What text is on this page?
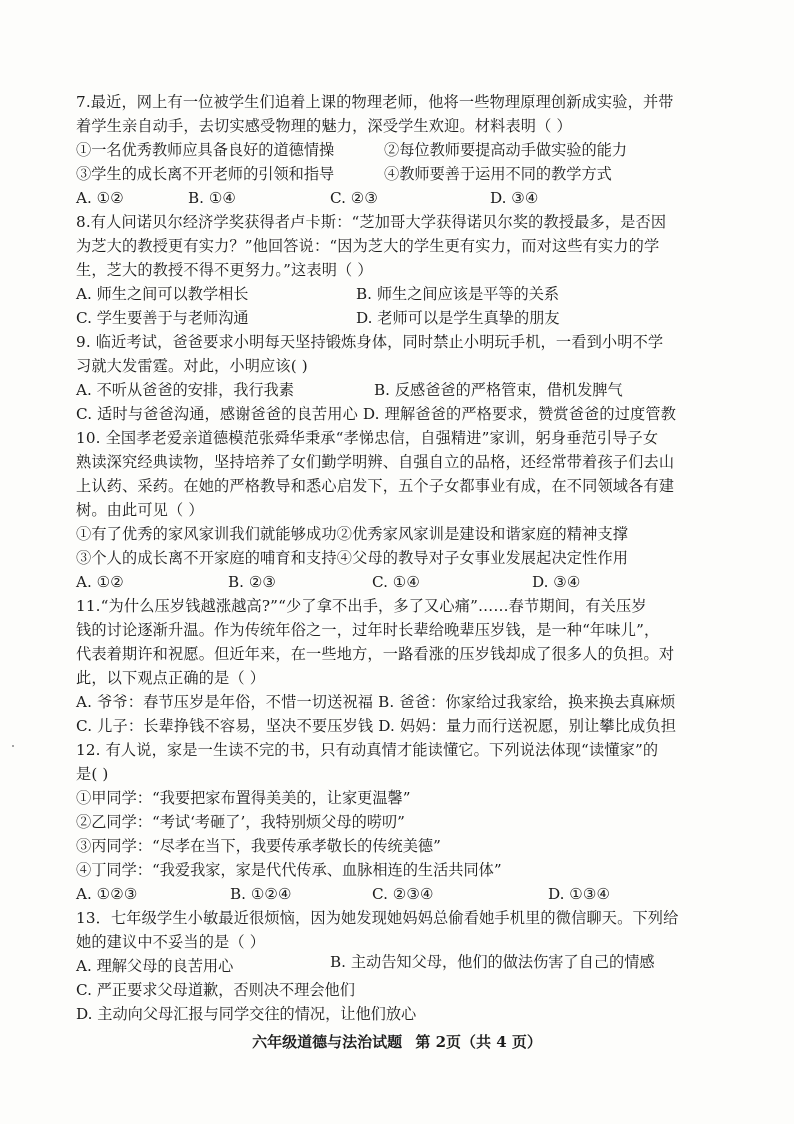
7.最近，网上有一位被学生们追着上课的物理老师，他将一些物理原理创新成实验，并带
着学生亲自动手，去切实感受物理的魅力，深受学生欢迎。材料表明（ ）
①一名优秀教师应具备良好的道德情操	②每位教师要提高动手做实验的能力
③学生的成长离不开老师的引领和指导	④教师要善于运用不同的教学方式
A. ①②	B. ①④	C. ②③	D. ③④
8.有人问诺贝尔经济学奖获得者卢卡斯：“芝加哥大学获得诺贝尔奖的教授最多，是否因
为芝大的教授更有实力？”他回答说：“因为芝大的学生更有实力，而对这些有实力的学
生，芝大的教授不得不更努力。”这表明（ ）
A. 师生之间可以教学相长	B. 师生之间应该是平等的关系
C. 学生要善于与老师沟通	D. 老师可以是学生真挚的朋友
9. 临近考试，爸爸要求小明每天坚持锻炼身体，同时禁止小明玩手机，一看到小明不学
习就大发雷霆。对此，小明应该( )
A. 不听从爸爸的安排，我行我素	B. 反感爸爸的严格管束，借机发脾气
C. 适时与爸爸沟通，感谢爸爸的良苦用心 D. 理解爸爸的严格要求，赞赏爸爸的过度管教
10. 全国孝老爱亲道德模范张舜华秉承“孝悌忠信，自强精进”家训，躬身垂范引导子女
熟读深究经典读物，坚持培养了女们勤学明辨、自强自立的品格，还经常带着孩子们去山
上认药、采药。在她的严格教导和悉心启发下，五个子女都事业有成，在不同领域各有建
树。由此可见（ ）
①有了优秀的家风家训我们就能够成功②优秀家风家训是建设和谐家庭的精神支撑
③个人的成长离不开家庭的哺育和支持④父母的教导对子女事业发展起决定性作用
A. ①②	B. ②③	C. ①④	D. ③④
11.“为什么压岁钱越涨越高?”“少了拿不出手，多了又心痛”……春节期间，有关压岁
钱的讨论逐渐升温。作为传统年俗之一，过年时长辈给晚辈压岁钱，是一种“年味儿”，
代表着期许和祝愿。但近年来，在一些地方，一路看涨的压岁钱却成了很多人的负担。对
此，以下观点正确的是（ ）
A. 爷爷：春节压岁是年俗，不惜一切送祝福 B. 爸爸：你家给过我家给，换来换去真麻烦
C. 儿子：长辈挣钱不容易，坚决不要压岁钱 D. 妈妈：量力而行送祝愿，别让攀比成负担
12. 有人说，家是一生读不完的书，只有动真情才能读懂它。下列说法体现“读懂家”的
是( )
①甲同学：“我要把家布置得美美的，让家更温馨”
②乙同学：“考试‘考砸了’，我特别烦父母的唠叨”
③丙同学：“尽孝在当下，我要传承孝敬长的传统美德”
④丁同学：“我爱我家，家是代代传承、血脉相连的生活共同体”
A. ①②③	B. ①②④	C. ②③④	D. ①③④
13．七年级学生小敏最近很烦恼，因为她发现她妈妈总偷看她手机里的微信聊天。下列给
她的建议中不妥当的是（ ）
A. 理解父母的良苦用心	B. 主动告知父母，他们的做法伤害了自己的情感
C. 严正要求父母道歉，否则决不理会他们
D. 主动向父母汇报与同学交往的情况，让他们放心
六年级道德与法治试题 第 2页（共 4 页）
